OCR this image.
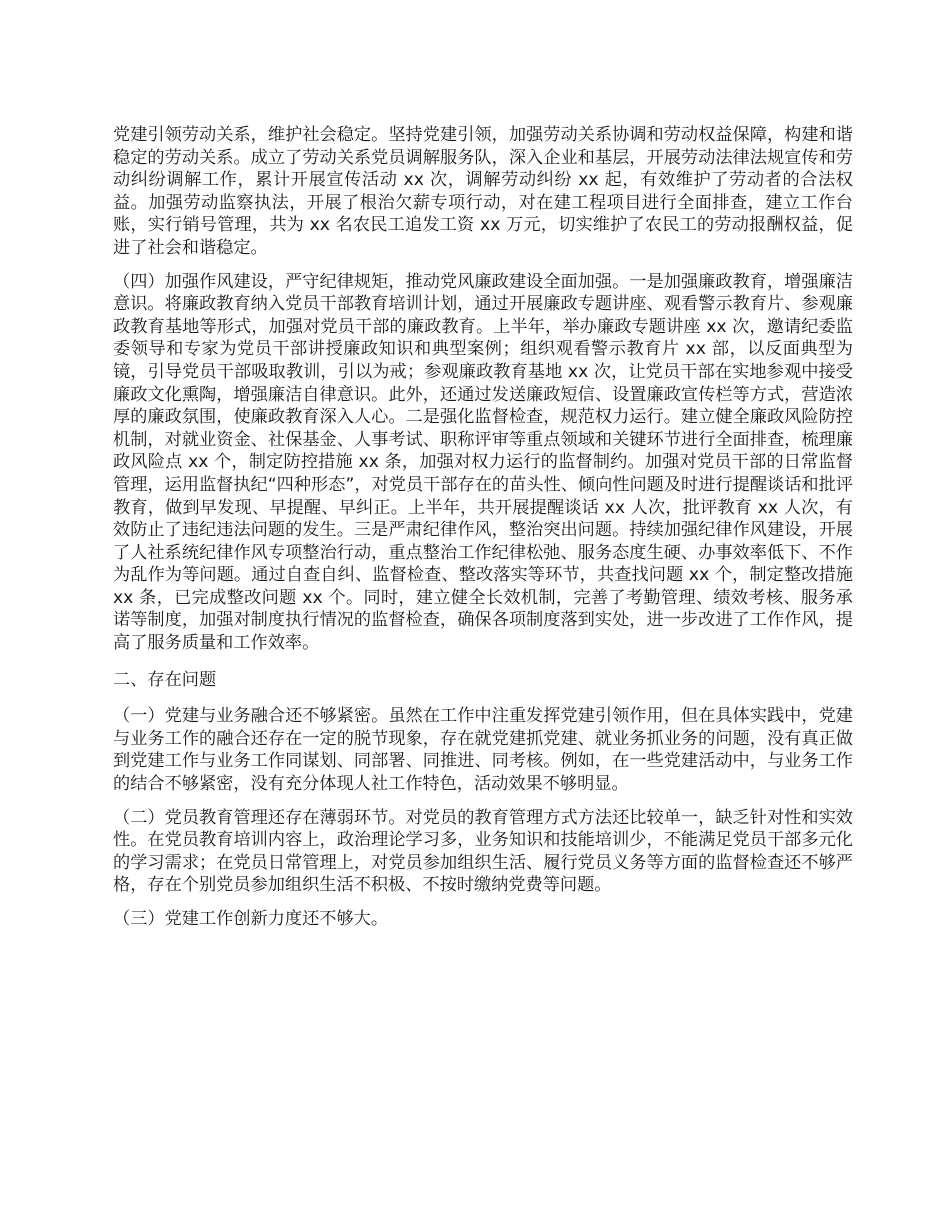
党建引领劳动关系，维护社会稳定。坚持党建引领，加强劳动关系协调和劳动权益保障，构建和谐稳定的劳动关系。成立了劳动关系党员调解服务队，深入企业和基层，开展劳动法律法规宣传和劳动纠纷调解工作，累计开展宣传活动 xx 次，调解劳动纠纷 xx 起，有效维护了劳动者的合法权益。加强劳动监察执法，开展了根治欠薪专项行动，对在建工程项目进行全面排查，建立工作台账，实行销号管理，共为 xx 名农民工追发工资 xx 万元，切实维护了农民工的劳动报酬权益，促进了社会和谐稳定。

（四）加强作风建设，严守纪律规矩，推动党风廉政建设全面加强。一是加强廉政教育，增强廉洁意识。将廉政教育纳入党员干部教育培训计划，通过开展廉政专题讲座、观看警示教育片、参观廉政教育基地等形式，加强对党员干部的廉政教育。上半年，举办廉政专题讲座 xx 次，邀请纪委监委领导和专家为党员干部讲授廉政知识和典型案例；组织观看警示教育片 xx 部，以反面典型为镜，引导党员干部吸取教训，引以为戒；参观廉政教育基地 xx 次，让党员干部在实地参观中接受廉政文化熏陶，增强廉洁自律意识。此外，还通过发送廉政短信、设置廉政宣传栏等方式，营造浓厚的廉政氛围，使廉政教育深入人心。二是强化监督检查，规范权力运行。建立健全廉政风险防控机制，对就业资金、社保基金、人事考试、职称评审等重点领域和关键环节进行全面排查，梳理廉政风险点 xx 个，制定防控措施 xx 条，加强对权力运行的监督制约。加强对党员干部的日常监督管理，运用监督执纪“四种形态”，对党员干部存在的苗头性、倾向性问题及时进行提醒谈话和批评教育，做到早发现、早提醒、早纠正。上半年，共开展提醒谈话 xx 人次，批评教育 xx 人次，有效防止了违纪违法问题的发生。三是严肃纪律作风，整治突出问题。持续加强纪律作风建设，开展了人社系统纪律作风专项整治行动，重点整治工作纪律松弛、服务态度生硬、办事效率低下、不作为乱作为等问题。通过自查自纠、监督检查、整改落实等环节，共查找问题 xx 个，制定整改措施 xx 条，已完成整改问题 xx 个。同时，建立健全长效机制，完善了考勤管理、绩效考核、服务承诺等制度，加强对制度执行情况的监督检查，确保各项制度落到实处，进一步改进了工作作风，提高了服务质量和工作效率。

二、存在问题

（一）党建与业务融合还不够紧密。虽然在工作中注重发挥党建引领作用，但在具体实践中，党建与业务工作的融合还存在一定的脱节现象，存在就党建抓党建、就业务抓业务的问题，没有真正做到党建工作与业务工作同谋划、同部署、同推进、同考核。例如，在一些党建活动中，与业务工作的结合不够紧密，没有充分体现人社工作特色，活动效果不够明显。

（二）党员教育管理还存在薄弱环节。对党员的教育管理方式方法还比较单一，缺乏针对性和实效性。在党员教育培训内容上，政治理论学习多，业务知识和技能培训少，不能满足党员干部多元化的学习需求；在党员日常管理上，对党员参加组织生活、履行党员义务等方面的监督检查还不够严格，存在个别党员参加组织生活不积极、不按时缴纳党费等问题。

（三）党建工作创新力度还不够大。
